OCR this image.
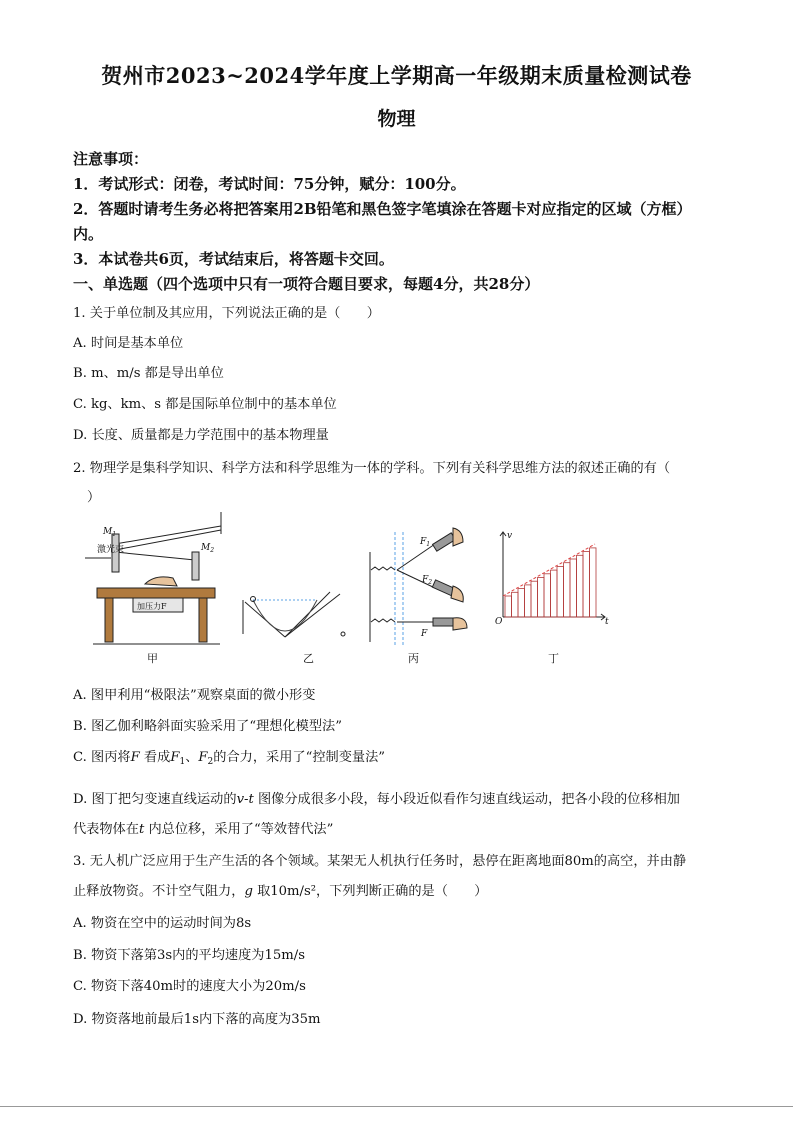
贺州市2023~2024学年度上学期高一年级期末质量检测试卷
物理
注意事项：
1．考试形式：闭卷，考试时间：75分钟，赋分：100分。
2．答题时请考生务必将把答案用2B铅笔和黑色签字笔填涂在答题卡对应指定的区域（方框）
内。
3．本试卷共6页，考试结束后，将答题卡交回。
一、单选题（四个选项中只有一项符合题目要求，每题4分，共28分）
1. 关于单位制及其应用，下列说法正确的是（　　）
A. 时间是基本单位
B. m、m/s 都是导出单位
C. kg、km、s 都是国际单位制中的基本单位
D. 长度、质量都是力学范围中的基本物理量
2. 物理学是集科学知识、科学方法和科学思维为一体的学科。下列有关科学思维方法的叙述正确的有（
）
激光束
$M_1$
$M_2$
加压力F
甲	乙
$F_1$
$F_2$
F
丙
v
t
O
丁
A. 图甲利用“极限法”观察桌面的微小形变
B. 图乙伽利略斜面实验采用了“理想化模型法”
C. 图丙将F 看成$F_1$、$F_2$的合力，采用了“控制变量法”
D. 图丁把匀变速直线运动的v-t 图像分成很多小段，每小段近似看作匀速直线运动，把各小段的位移相加
代表物体在t 内总位移，采用了“等效替代法”
3. 无人机广泛应用于生产生活的各个领域。某架无人机执行任务时，悬停在距离地面80m的高空，并由静
止释放物资。不计空气阻力，g 取10m/s²，下列判断正确的是（　　）
A. 物资在空中的运动时间为8s
B. 物资下落第3s内的平均速度为15m/s
C. 物资下落40m时的速度大小为20m/s
D. 物资落地前最后1s内下落的高度为35m
